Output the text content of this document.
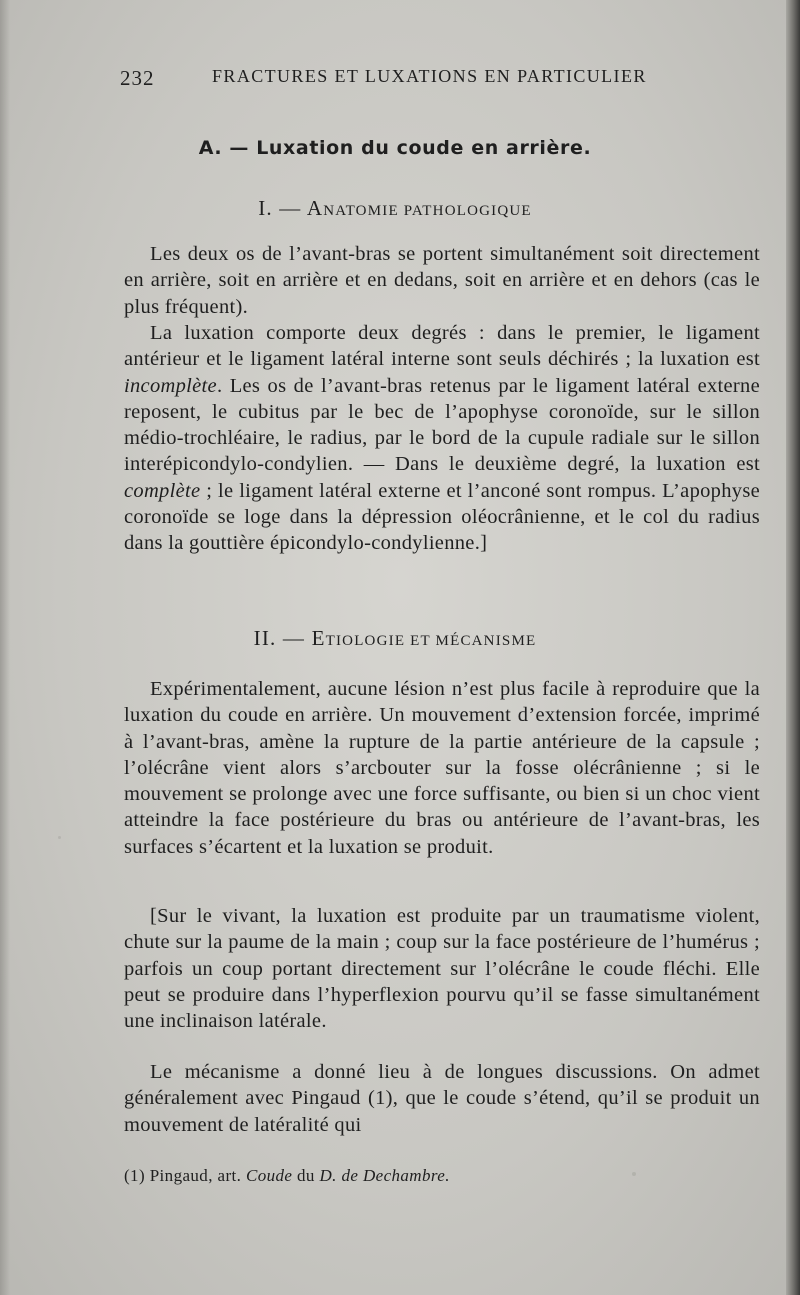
232	FRACTURES ET LUXATIONS EN PARTICULIER
A. — Luxation du coude en arrière.
I. — ANATOMIE PATHOLOGIQUE

Les deux os de l’avant-bras se portent simultanément soit directement en arrière, soit en arrière et en dedans, soit en arrière et en dehors (cas le plus fréquent).

La luxation comporte deux degrés : dans le premier, le ligament antérieur et le ligament latéral interne sont seuls déchirés ; la luxation est incomplète. Les os de l’avant-bras retenus par le ligament latéral externe reposent, le cubitus par le bec de l’apophyse coronoïde, sur le sillon médio-trochléaire, le radius, par le bord de la cupule radiale sur le sillon interépicondylo-condylien. — Dans le deuxième degré, la luxation est complète ; le ligament latéral externe et l’anconé sont rompus. L’apophyse coronoïde se loge dans la dépression oléocrânienne, et le col du radius dans la gouttière épicondylo-condylienne.]

II. — ETIOLOGIE ET MÉCANISME

Expérimentalement, aucune lésion n’est plus facile à reproduire que la luxation du coude en arrière. Un mouvement d’extension forcée, imprimé à l’avant-bras, amène la rupture de la partie antérieure de la capsule ; l’olécrâne vient alors s’arcbouter sur la fosse olécrânienne ; si le mouvement se prolonge avec une force suffisante, ou bien si un choc vient atteindre la face postérieure du bras ou antérieure de l’avant-bras, les surfaces s’écartent et la luxation se produit.

[Sur le vivant, la luxation est produite par un traumatisme violent, chute sur la paume de la main ; coup sur la face postérieure de l’humérus ; parfois un coup portant directement sur l’olécrâne le coude fléchi. Elle peut se produire dans l’hyperflexion pourvu qu’il se fasse simultanément une inclinaison latérale.

Le mécanisme a donné lieu à de longues discussions. On admet généralement avec Pingaud (1), que le coude s’étend, qu’il se produit un mouvement de latéralité qui

(1) Pingaud, art. Coude du D. de Dechambre.
